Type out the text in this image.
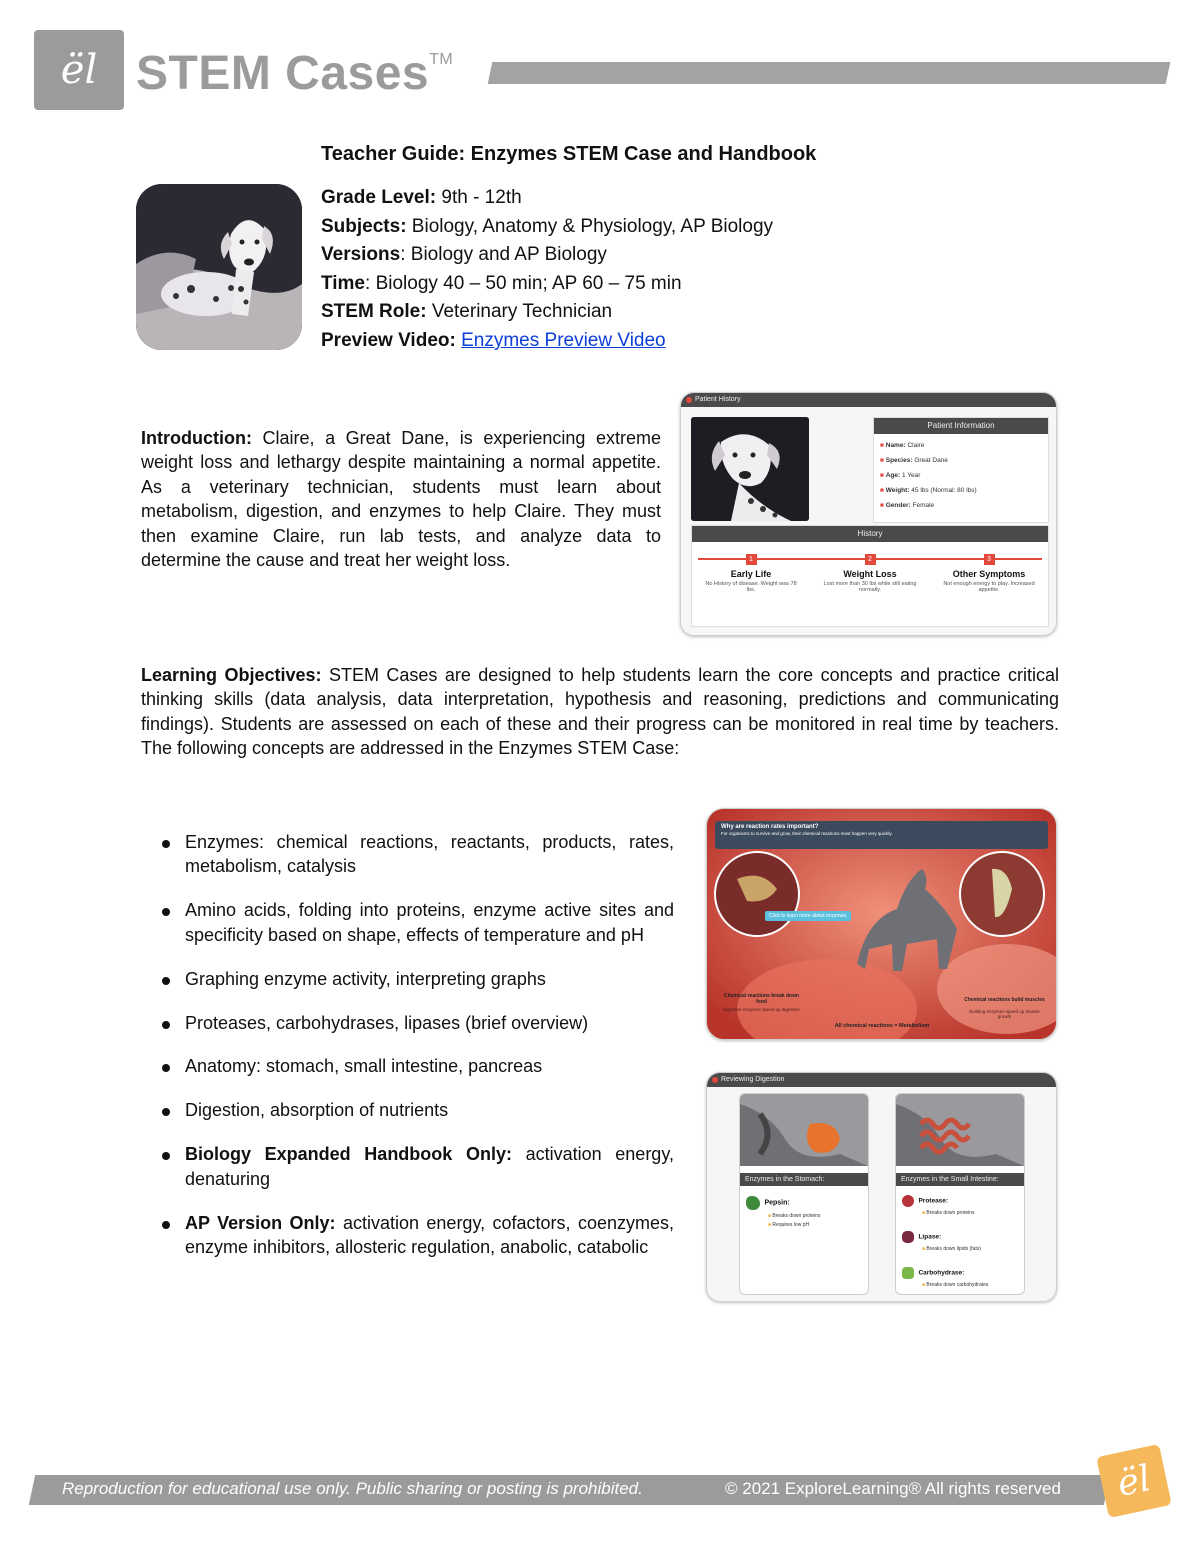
ël STEM Cases™
Teacher Guide: Enzymes STEM Case and Handbook
Grade Level: 9th - 12th
Subjects: Biology, Anatomy & Physiology, AP Biology
Versions: Biology and AP Biology
Time: Biology 40 – 50 min; AP 60 – 75 min
STEM Role: Veterinary Technician
Preview Video: Enzymes Preview Video
Introduction: Claire, a Great Dane, is experiencing extreme weight loss and lethargy despite maintaining a normal appetite. As a veterinary technician, students must learn about metabolism, digestion, and enzymes to help Claire. They must then examine Claire, run lab tests, and analyze data to determine the cause and treat her weight loss.
Patient History
Patient Information
■ Name: Claire
■ Species: Great Dane
■ Age: 1 Year
■ Weight: 45 lbs (Normal: 80 lbs)
■ Gender: Female
History
1
Early Life
No History of disease. Weight was 78 lbs.
2
Weight Loss
Lost more than 30 lbs while still eating normally.
3
Other Symptoms
Not enough energy to play. Increased appetite.
Learning Objectives: STEM Cases are designed to help students learn the core concepts and practice critical thinking skills (data analysis, data interpretation, hypothesis and reasoning, predictions and communicating findings). Students are assessed on each of these and their progress can be monitored in real time by teachers. The following concepts are addressed in the Enzymes STEM Case:
Enzymes: chemical reactions, reactants, products, rates, metabolism, catalysis
Amino acids, folding into proteins, enzyme active sites and specificity based on shape, effects of temperature and pH
Graphing enzyme activity, interpreting graphs
Proteases, carbohydrases, lipases (brief overview)
Anatomy: stomach, small intestine, pancreas
Digestion, absorption of nutrients
Biology Expanded Handbook Only: activation energy, denaturing
AP Version Only: activation energy, cofactors, coenzymes, enzyme inhibitors, allosteric regulation, anabolic, catabolic
Why are reaction rates important?
For organisms to survive and grow, their chemical reactions must happen very quickly.
Click to learn more about enzymes.
Chemical reactions break down food
Digestive enzymes speed up digestion
Chemical reactions build muscles
Building enzymes speed up muscle growth
All chemical reactions = Metabolism
Reviewing Digestion
Enzymes in the Stomach:
Pepsin:
■ Breaks down proteins
■ Requires low pH
Enzymes in the Small Intestine:
Protease:
■ Breaks down proteins
Lipase:
■ Breaks down lipids (fats)
Carbohydrase:
■ Breaks down carbohydrates
Reproduction for educational use only. Public sharing or posting is prohibited.	© 2021 ExploreLearning® All rights reserved	ël
